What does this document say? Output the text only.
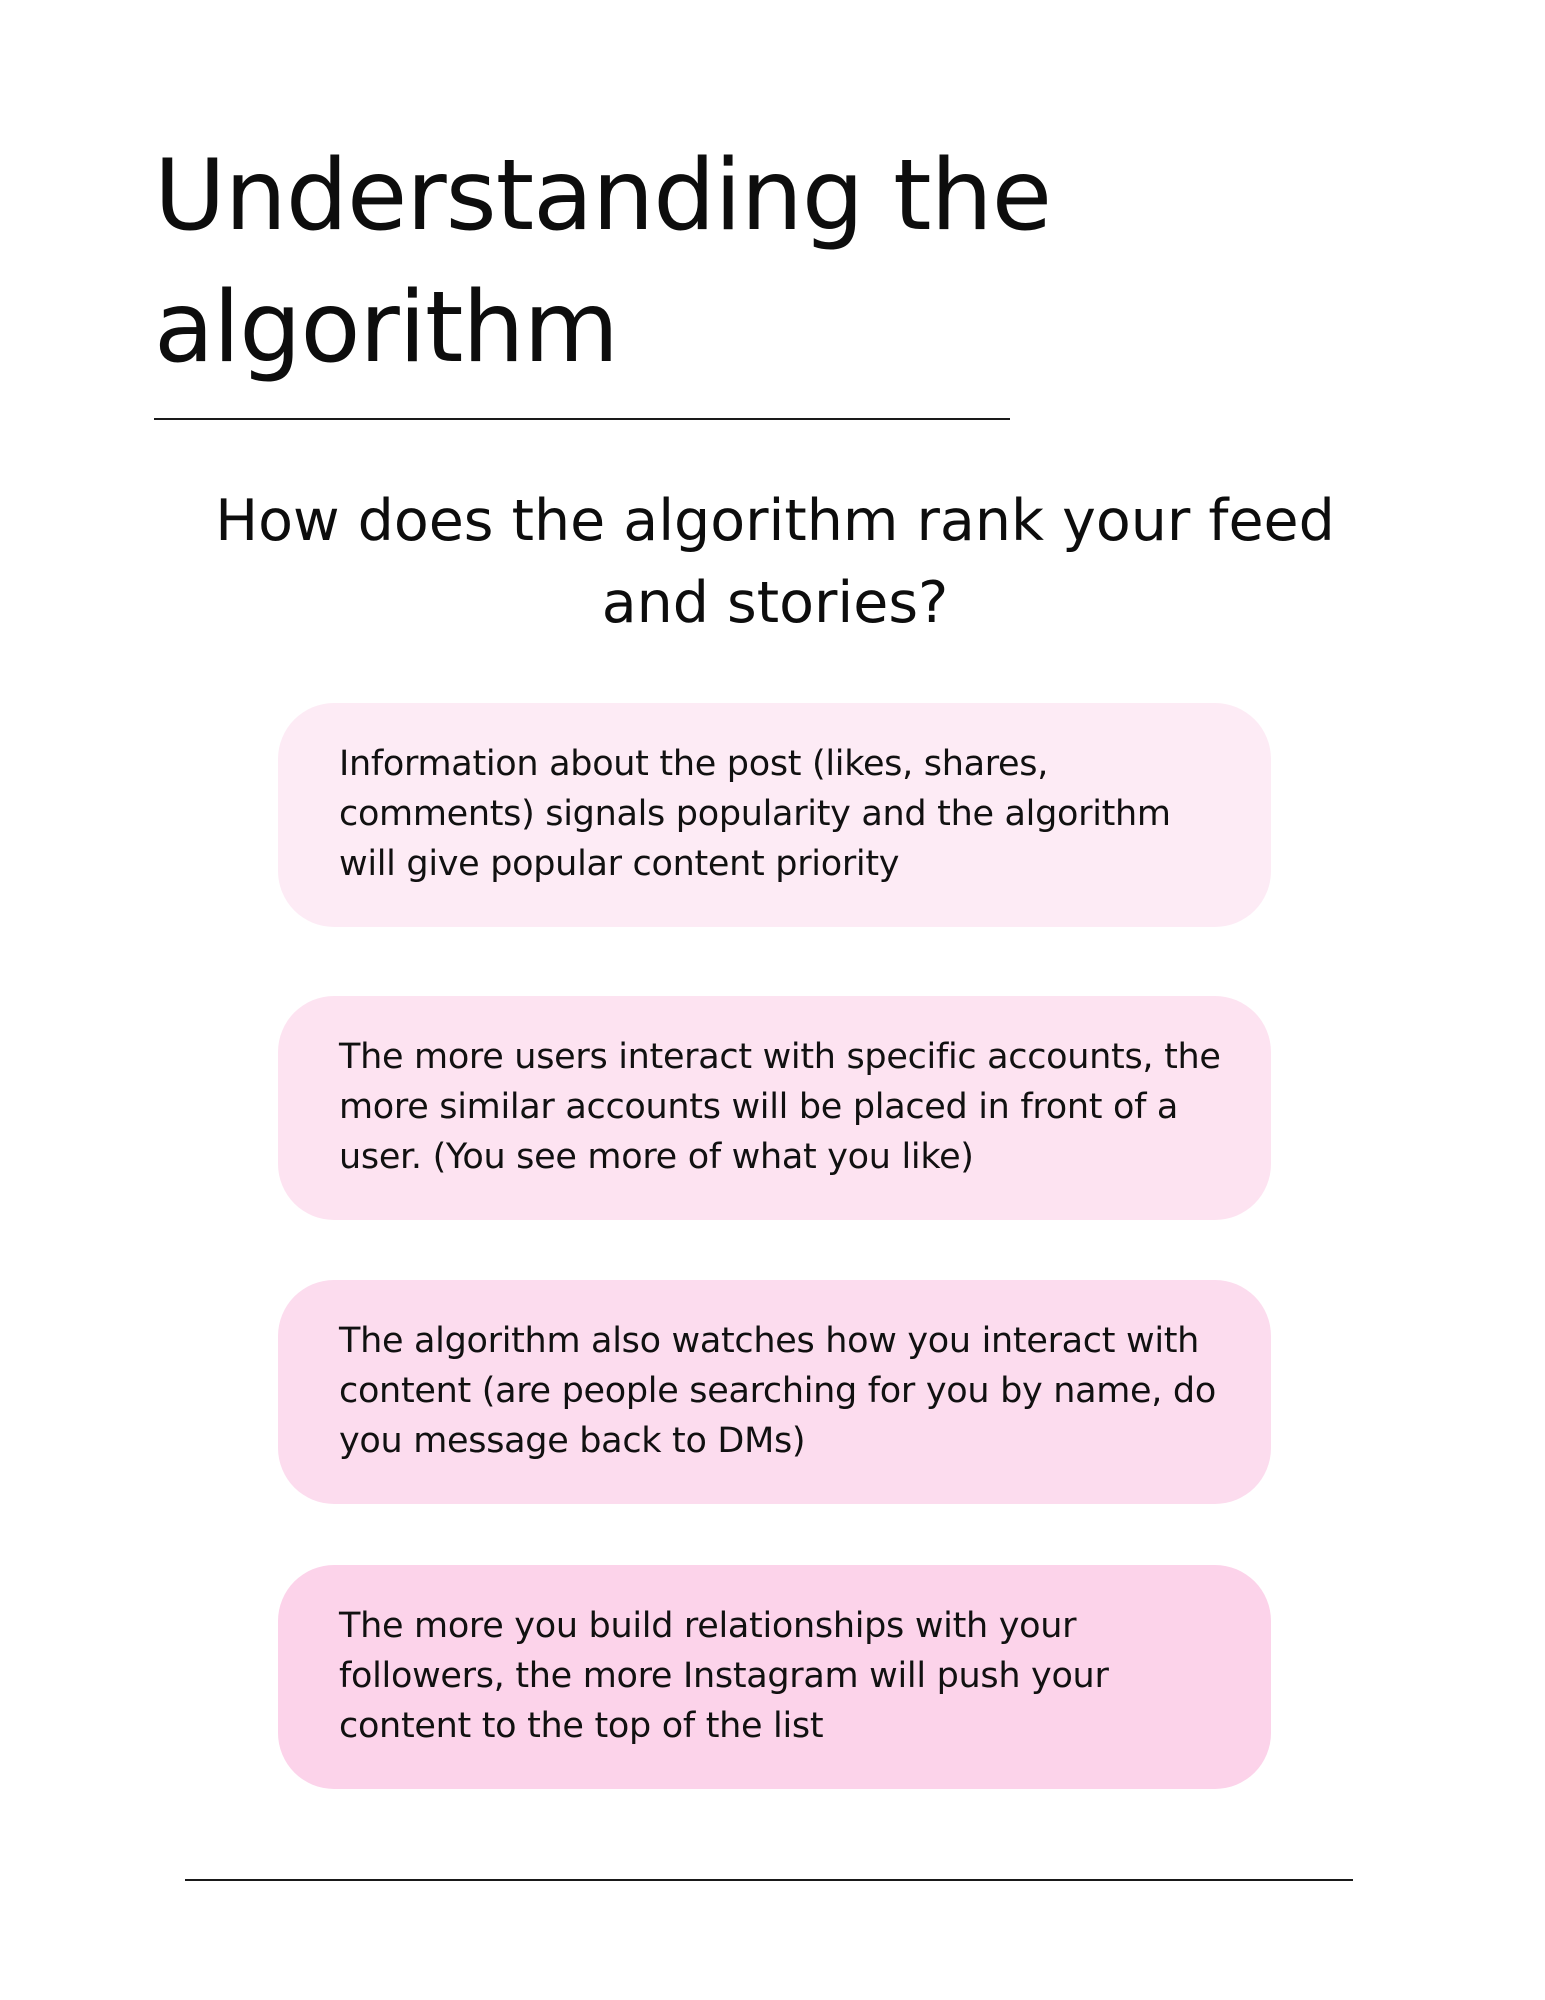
Understanding the algorithm
How does the algorithm rank your feed and stories?

Information about the post (likes, shares, comments) signals popularity and the algorithm will give popular content priority

The more users interact with specific accounts, the more similar accounts will be placed in front of a user. (You see more of what you like)

The algorithm also watches how you interact with content (are people searching for you by name, do you message back to DMs)

The more you build relationships with your followers, the more Instagram will push your content to the top of the list
